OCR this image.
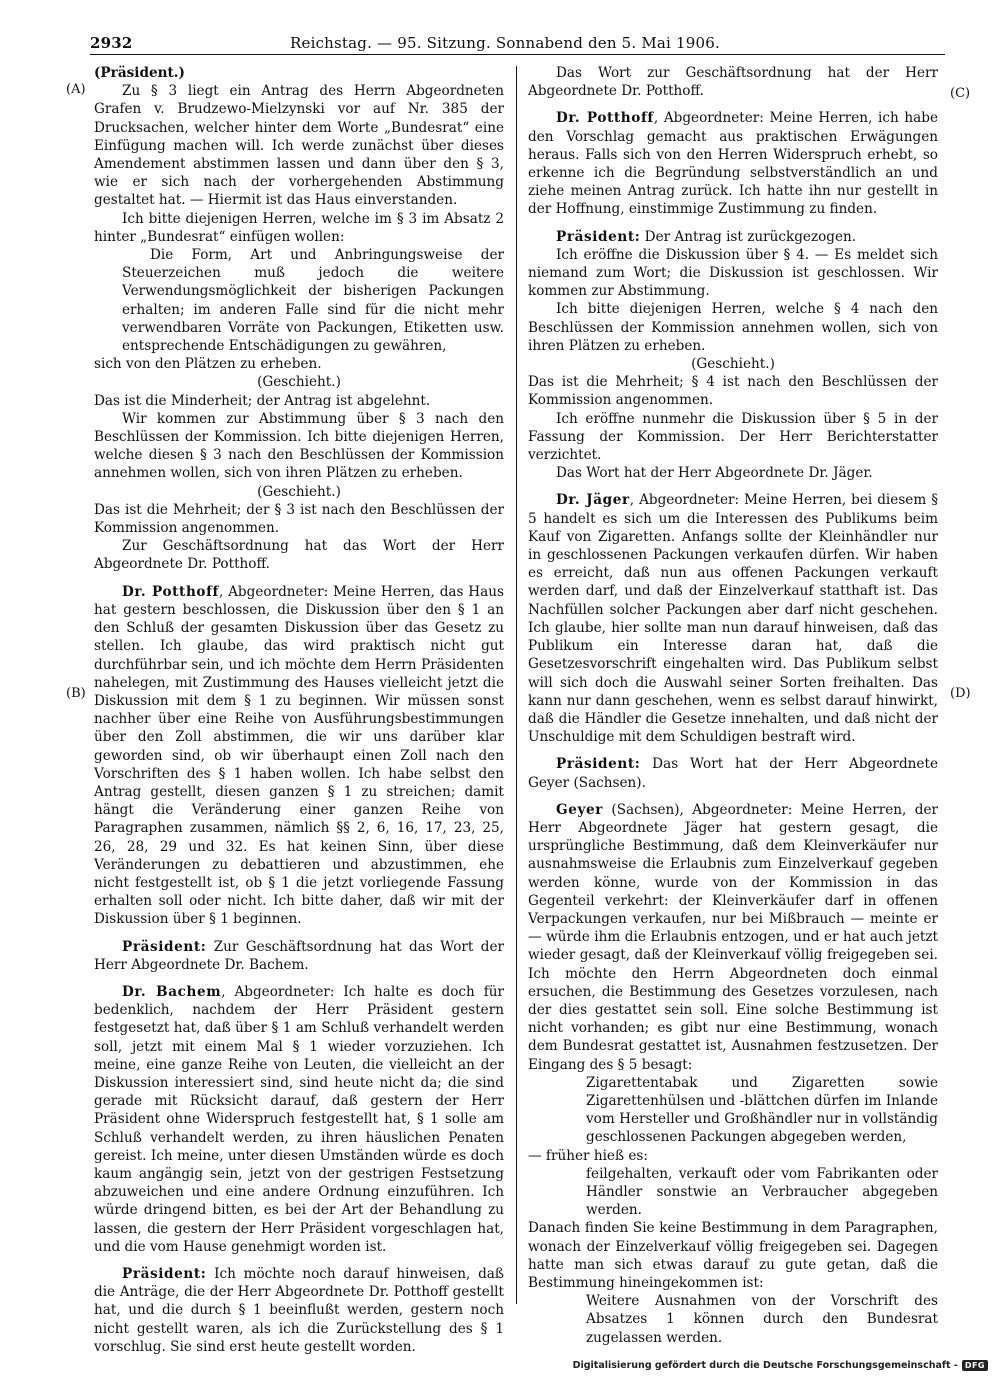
2932	Reichstag. — 95. Sitzung. Sonnabend den 5. Mai 1906.
(A)
(B)
(C)
(D)

(Präsident.)

Zu § 3 liegt ein Antrag des Herrn Abgeordneten Grafen v. Brudzewo-Mielzynski vor auf Nr. 385 der Drucksachen, welcher hinter dem Worte „Bundesrat“ eine Einfügung machen will. Ich werde zunächst über dieses Amendement abstimmen lassen und dann über den § 3, wie er sich nach der vorhergehenden Abstimmung gestaltet hat. — Hiermit ist das Haus einverstanden.

Ich bitte diejenigen Herren, welche im § 3 im Absatz 2 hinter „Bundesrat“ einfügen wollen:

Die Form, Art und Anbringungsweise der Steuerzeichen muß jedoch die weitere Verwendungsmöglichkeit der bisherigen Packungen erhalten; im anderen Falle sind für die nicht mehr verwendbaren Vorräte von Packungen, Etiketten usw. entsprechende Entschädigungen zu gewähren,

sich von den Plätzen zu erheben.

(Geschieht.)

Das ist die Minderheit; der Antrag ist abgelehnt.

Wir kommen zur Abstimmung über § 3 nach den Beschlüssen der Kommission. Ich bitte diejenigen Herren, welche diesen § 3 nach den Beschlüssen der Kommission annehmen wollen, sich von ihren Plätzen zu erheben.

(Geschieht.)

Das ist die Mehrheit; der § 3 ist nach den Beschlüssen der Kommission angenommen.

Zur Geschäftsordnung hat das Wort der Herr Abgeordnete Dr. Potthoff.

Dr. Potthoff, Abgeordneter: Meine Herren, das Haus hat gestern beschlossen, die Diskussion über den § 1 an den Schluß der gesamten Diskussion über das Gesetz zu stellen. Ich glaube, das wird praktisch nicht gut durchführbar sein, und ich möchte dem Herrn Präsidenten nahelegen, mit Zustimmung des Hauses vielleicht jetzt die Diskussion mit dem § 1 zu beginnen. Wir müssen sonst nachher über eine Reihe von Ausführungsbestimmungen über den Zoll abstimmen, die wir uns darüber klar geworden sind, ob wir überhaupt einen Zoll nach den Vorschriften des § 1 haben wollen. Ich habe selbst den Antrag gestellt, diesen ganzen § 1 zu streichen; damit hängt die Veränderung einer ganzen Reihe von Paragraphen zusammen, nämlich §§ 2, 6, 16, 17, 23, 25, 26, 28, 29 und 32. Es hat keinen Sinn, über diese Veränderungen zu debattieren und abzustimmen, ehe nicht festgestellt ist, ob § 1 die jetzt vorliegende Fassung erhalten soll oder nicht. Ich bitte daher, daß wir mit der Diskussion über § 1 beginnen.

Präsident: Zur Geschäftsordnung hat das Wort der Herr Abgeordnete Dr. Bachem.

Dr. Bachem, Abgeordneter: Ich halte es doch für bedenklich, nachdem der Herr Präsident gestern festgesetzt hat, daß über § 1 am Schluß verhandelt werden soll, jetzt mit einem Mal § 1 wieder vorzuziehen. Ich meine, eine ganze Reihe von Leuten, die vielleicht an der Diskussion interessiert sind, sind heute nicht da; die sind gerade mit Rücksicht darauf, daß gestern der Herr Präsident ohne Widerspruch festgestellt hat, § 1 solle am Schluß verhandelt werden, zu ihren häuslichen Penaten gereist. Ich meine, unter diesen Umständen würde es doch kaum angängig sein, jetzt von der gestrigen Festsetzung abzuweichen und eine andere Ordnung einzuführen. Ich würde dringend bitten, es bei der Art der Behandlung zu lassen, die gestern der Herr Präsident vorgeschlagen hat, und die vom Hause genehmigt worden ist.

Präsident: Ich möchte noch darauf hinweisen, daß die Anträge, die der Herr Abgeordnete Dr. Potthoff gestellt hat, und die durch § 1 beeinflußt werden, gestern noch nicht gestellt waren, als ich die Zurückstellung des § 1 vorschlug. Sie sind erst heute gestellt worden.

Das Wort zur Geschäftsordnung hat der Herr Abgeordnete Dr. Potthoff.

Dr. Potthoff, Abgeordneter: Meine Herren, ich habe den Vorschlag gemacht aus praktischen Erwägungen heraus. Falls sich von den Herren Widerspruch erhebt, so erkenne ich die Begründung selbstverständlich an und ziehe meinen Antrag zurück. Ich hatte ihn nur gestellt in der Hoffnung, einstimmige Zustimmung zu finden.

Präsident: Der Antrag ist zurückgezogen.

Ich eröffne die Diskussion über § 4. — Es meldet sich niemand zum Wort; die Diskussion ist geschlossen. Wir kommen zur Abstimmung.

Ich bitte diejenigen Herren, welche § 4 nach den Beschlüssen der Kommission annehmen wollen, sich von ihren Plätzen zu erheben.

(Geschieht.)

Das ist die Mehrheit; § 4 ist nach den Beschlüssen der Kommission angenommen.

Ich eröffne nunmehr die Diskussion über § 5 in der Fassung der Kommission. Der Herr Berichterstatter verzichtet.

Das Wort hat der Herr Abgeordnete Dr. Jäger.

Dr. Jäger, Abgeordneter: Meine Herren, bei diesem § 5 handelt es sich um die Interessen des Publikums beim Kauf von Zigaretten. Anfangs sollte der Kleinhändler nur in geschlossenen Packungen verkaufen dürfen. Wir haben es erreicht, daß nun aus offenen Packungen verkauft werden darf, und daß der Einzelverkauf statthaft ist. Das Nachfüllen solcher Packungen aber darf nicht geschehen. Ich glaube, hier sollte man nun darauf hinweisen, daß das Publikum ein Interesse daran hat, daß die Gesetzesvorschrift eingehalten wird. Das Publikum selbst will sich doch die Auswahl seiner Sorten freihalten. Das kann nur dann geschehen, wenn es selbst darauf hinwirkt, daß die Händler die Gesetze innehalten, und daß nicht der Unschuldige mit dem Schuldigen bestraft wird.

Präsident: Das Wort hat der Herr Abgeordnete Geyer (Sachsen).

Geyer (Sachsen), Abgeordneter: Meine Herren, der Herr Abgeordnete Jäger hat gestern gesagt, die ursprüngliche Bestimmung, daß dem Kleinverkäufer nur ausnahmsweise die Erlaubnis zum Einzelverkauf gegeben werden könne, wurde von der Kommission in das Gegenteil verkehrt: der Kleinverkäufer darf in offenen Verpackungen verkaufen, nur bei Mißbrauch — meinte er — würde ihm die Erlaubnis entzogen, und er hat auch jetzt wieder gesagt, daß der Kleinverkauf völlig freigegeben sei. Ich möchte den Herrn Abgeordneten doch einmal ersuchen, die Bestimmung des Gesetzes vorzulesen, nach der dies gestattet sein soll. Eine solche Bestimmung ist nicht vorhanden; es gibt nur eine Bestimmung, wonach dem Bundesrat gestattet ist, Ausnahmen festzusetzen. Der Eingang des § 5 besagt:

Zigarettentabak und Zigaretten sowie Zigarettenhülsen und -blättchen dürfen im Inlande vom Hersteller und Großhändler nur in vollständig geschlossenen Packungen abgegeben werden,

— früher hieß es:

feilgehalten, verkauft oder vom Fabrikanten oder Händler sonstwie an Verbraucher abgegeben werden.

Danach finden Sie keine Bestimmung in dem Paragraphen, wonach der Einzelverkauf völlig freigegeben sei. Dagegen hatte man sich etwas darauf zu gute getan, daß die Bestimmung hineingekommen ist:

Weitere Ausnahmen von der Vorschrift des Absatzes 1 können durch den Bundesrat zugelassen werden.

Digitalisierung gefördert durch die Deutsche Forschungsgemeinschaft - DFG
